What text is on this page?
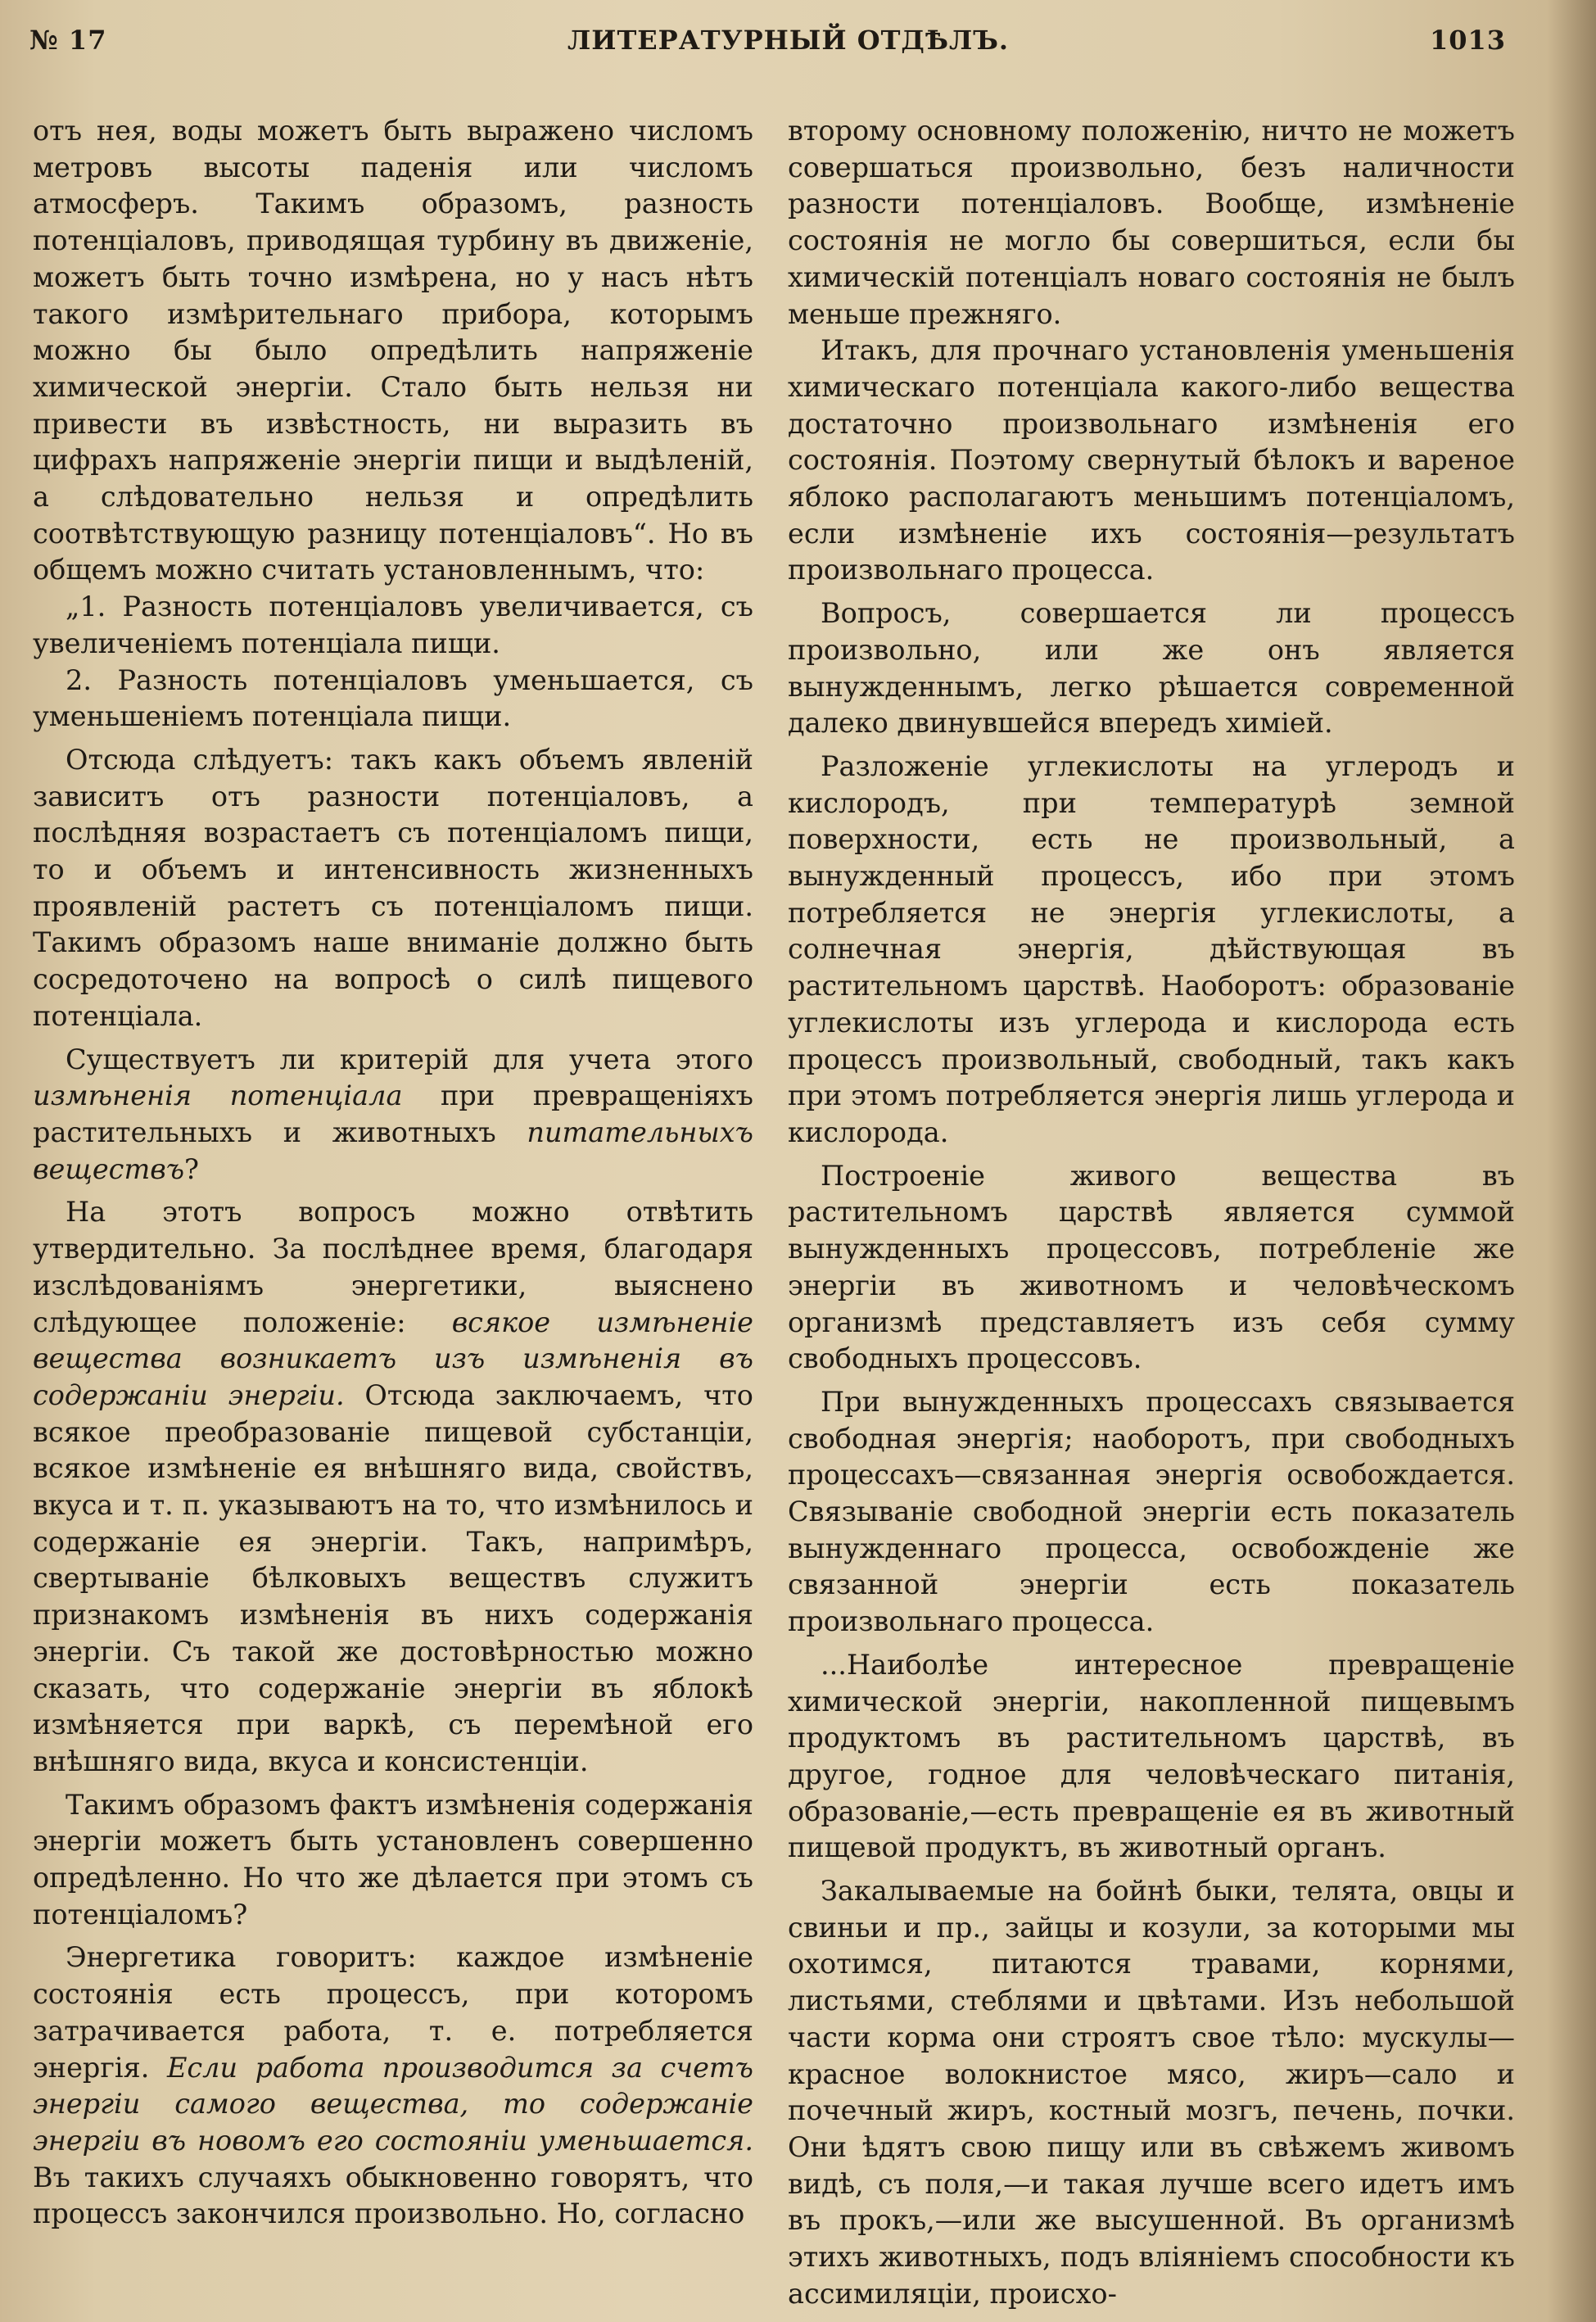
№ 17	ЛИТЕРАТУРНЫЙ ОТДѢЛЪ.	1013

отъ нея, воды можетъ быть выражено числомъ метровъ высоты паденія или числомъ атмосферъ. Такимъ образомъ, разность потенціаловъ, приводящая турбину въ движеніе, можетъ быть точно измѣрена, но у насъ нѣтъ такого измѣрительнаго прибора, которымъ можно бы было опредѣлить напряженіе химической энергіи. Стало быть нельзя ни привести въ извѣстность, ни выразить въ цифрахъ напряженіе энергіи пищи и выдѣленій, а слѣдовательно нельзя и опредѣлить соотвѣтствующую разницу потенціаловъ“. Но въ общемъ можно считать установленнымъ, что:

„1. Разность потенціаловъ увеличивается, съ увеличеніемъ потенціала пищи.

2. Разность потенціаловъ уменьшается, съ уменьшеніемъ потенціала пищи.

Отсюда слѣдуетъ: такъ какъ объемъ явленій зависитъ отъ разности потенціаловъ, а послѣдняя возрастаетъ съ потенціаломъ пищи, то и объемъ и интенсивность жизненныхъ проявленій растетъ съ потенціаломъ пищи. Такимъ образомъ наше вниманіе должно быть сосредоточено на вопросѣ о силѣ пищевого потенціала.

Существуетъ ли критерій для учета этого измѣненія потенціала при превращеніяхъ растительныхъ и животныхъ питательныхъ веществъ?

На этотъ вопросъ можно отвѣтить утвердительно. За послѣднее время, благодаря изслѣдованіямъ энергетики, выяснено слѣдующее положеніе: всякое измѣненіе вещества возникаетъ изъ измѣненія въ содержаніи энергіи. Отсюда заключаемъ, что всякое преобразованіе пищевой субстанціи, всякое измѣненіе ея внѣшняго вида, свойствъ, вкуса и т. п. указываютъ на то, что измѣнилось и содержаніе ея энергіи. Такъ, напримѣръ, свертываніе бѣлковыхъ веществъ служитъ признакомъ измѣненія въ нихъ содержанія энергіи. Съ такой же достовѣрностью можно сказать, что содержаніе энергіи въ яблокѣ измѣняется при варкѣ, съ перемѣной его внѣшняго вида, вкуса и консистенціи.

Такимъ образомъ фактъ измѣненія содержанія энергіи можетъ быть установленъ совершенно опредѣленно. Но что же дѣлается при этомъ съ потенціаломъ?

Энергетика говоритъ: каждое измѣненіе состоянія есть процессъ, при которомъ затрачивается работа, т. е. потребляется энергія. Если работа производится за счетъ энергіи самого вещества, то содержаніе энергіи въ новомъ его состояніи уменьшается. Въ такихъ случаяхъ обыкновенно говорятъ, что процессъ закончился произвольно. Но, согласно

второму основному положенію, ничто не можетъ совершаться произвольно, безъ наличности разности потенціаловъ. Вообще, измѣненіе состоянія не могло бы совершиться, если бы химическій потенціалъ новаго состоянія не былъ меньше прежняго.

Итакъ, для прочнаго установленія уменьшенія химическаго потенціала какого-либо вещества достаточно произвольнаго измѣненія его состоянія. Поэтому свернутый бѣлокъ и вареное яблоко располагаютъ меньшимъ потенціаломъ, если измѣненіе ихъ состоянія—результатъ произвольнаго процесса.

Вопросъ, совершается ли процессъ произвольно, или же онъ является вынужденнымъ, легко рѣшается современной далеко двинувшейся впередъ химіей.

Разложеніе углекислоты на углеродъ и кислородъ, при температурѣ земной поверхности, есть не произвольный, а вынужденный процессъ, ибо при этомъ потребляется не энергія углекислоты, а солнечная энергія, дѣйствующая въ растительномъ царствѣ. Наоборотъ: образованіе углекислоты изъ углерода и кислорода есть процессъ произвольный, свободный, такъ какъ при этомъ потребляется энергія лишь углерода и кислорода.

Построеніе живого вещества въ растительномъ царствѣ является суммой вынужденныхъ процессовъ, потребленіе же энергіи въ животномъ и человѣческомъ организмѣ представляетъ изъ себя сумму свободныхъ процессовъ.

При вынужденныхъ процессахъ связывается свободная энергія; наоборотъ, при свободныхъ процессахъ—связанная энергія освобождается. Связываніе свободной энергіи есть показатель вынужденнаго процесса, освобожденіе же связанной энергіи есть показатель произвольнаго процесса.

...Наиболѣе интересное превращеніе химической энергіи, накопленной пищевымъ продуктомъ въ растительномъ царствѣ, въ другое, годное для человѣческаго питанія, образованіе,—есть превращеніе ея въ животный пищевой продуктъ, въ животный органъ.

Закалываемые на бойнѣ быки, телята, овцы и свиньи и пр., зайцы и козули, за которыми мы охотимся, питаются травами, корнями, листьями, стеблями и цвѣтами. Изъ небольшой части корма они строятъ свое тѣло: мускулы—красное волокнистое мясо, жиръ—сало и почечный жиръ, костный мозгъ, печень, почки. Они ѣдятъ свою пищу или въ свѣжемъ живомъ видѣ, съ поля,—и такая лучше всего идетъ имъ въ прокъ,—или же высушенной. Въ организмѣ этихъ животныхъ, подъ вліяніемъ способности къ ассимиляціи, происхо-
